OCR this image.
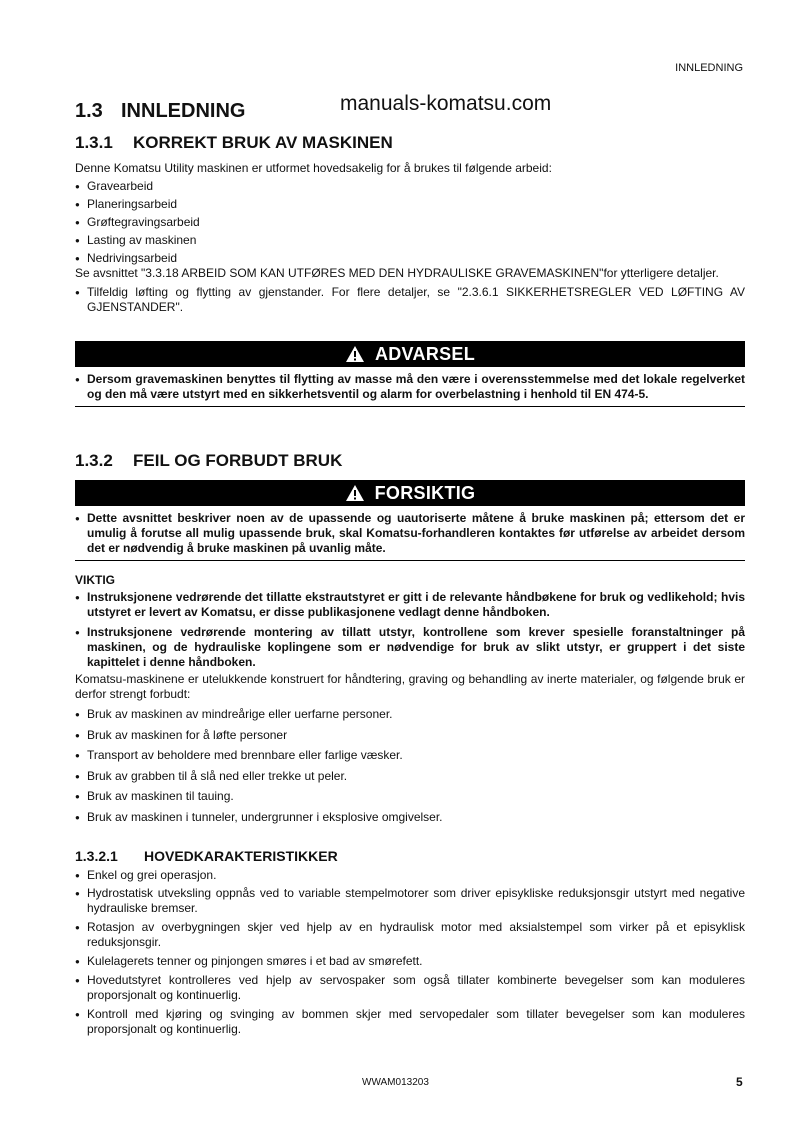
INNLEDNING
manuals-komatsu.com
1.3 INNLEDNING
1.3.1 KORREKT BRUK AV MASKINEN

Denne Komatsu Utility maskinen er utformet hovedsakelig for å brukes til følgende arbeid:

● Gravearbeid
● Planeringsarbeid
● Grøftegravingsarbeid
● Lasting av maskinen
● Nedrivingsarbeid

Se avsnittet "3.3.18 ARBEID SOM KAN UTFØRES MED DEN HYDRAULISKE GRAVEMASKINEN"for ytterligere detaljer.

● Tilfeldig løfting og flytting av gjenstander. For flere detaljer, se "2.3.6.1 SIKKERHETSREGLER VED LØFTING AV GJENSTANDER".
ADVARSEL
● Dersom gravemaskinen benyttes til flytting av masse må den være i overensstemmelse med det lokale regelverket og den må være utstyrt med en sikkerhetsventil og alarm for overbelastning i henhold til EN 474-5.
1.3.2 FEIL OG FORBUDT BRUK
FORSIKTIG
● Dette avsnittet beskriver noen av de upassende og uautoriserte måtene å bruke maskinen på; ettersom det er umulig å forutse all mulig upassende bruk, skal Komatsu-forhandleren kontaktes før utførelse av arbeidet dersom det er nødvendig å bruke maskinen på uvanlig måte.

VIKTIG

● Instruksjonene vedrørende det tillatte ekstrautstyret er gitt i de relevante håndbøkene for bruk og vedlikehold; hvis utstyret er levert av Komatsu, er disse publikasjonene vedlagt denne håndboken.
● Instruksjonene vedrørende montering av tillatt utstyr, kontrollene som krever spesielle foranstaltninger på maskinen, og de hydrauliske koplingene som er nødvendige for bruk av slikt utstyr, er gruppert i det siste kapittelet i denne håndboken.

Komatsu-maskinene er utelukkende konstruert for håndtering, graving og behandling av inerte materialer, og følgende bruk er derfor strengt forbudt:

● Bruk av maskinen av mindreårige eller uerfarne personer.
● Bruk av maskinen for å løfte personer
● Transport av beholdere med brennbare eller farlige væsker.
● Bruk av grabben til å slå ned eller trekke ut peler.
● Bruk av maskinen til tauing.
● Bruk av maskinen i tunneler, undergrunner i eksplosive omgivelser.
1.3.2.1 HOVEDKARAKTERISTIKKER
● Enkel og grei operasjon.
● Hydrostatisk utveksling oppnås ved to variable stempelmotorer som driver episykliske reduksjonsgir utstyrt med negative hydrauliske bremser.
● Rotasjon av overbygningen skjer ved hjelp av en hydraulisk motor med aksialstempel som virker på et episyklisk reduksjonsgir.
● Kulelagerets tenner og pinjongen smøres i et bad av smørefett.
● Hovedutstyret kontrolleres ved hjelp av servospaker som også tillater kombinerte bevegelser som kan moduleres proporsjonalt og kontinuerlig.
● Kontroll med kjøring og svinging av bommen skjer med servopedaler som tillater bevegelser som kan moduleres proporsjonalt og kontinuerlig.
WWAM013203	5
